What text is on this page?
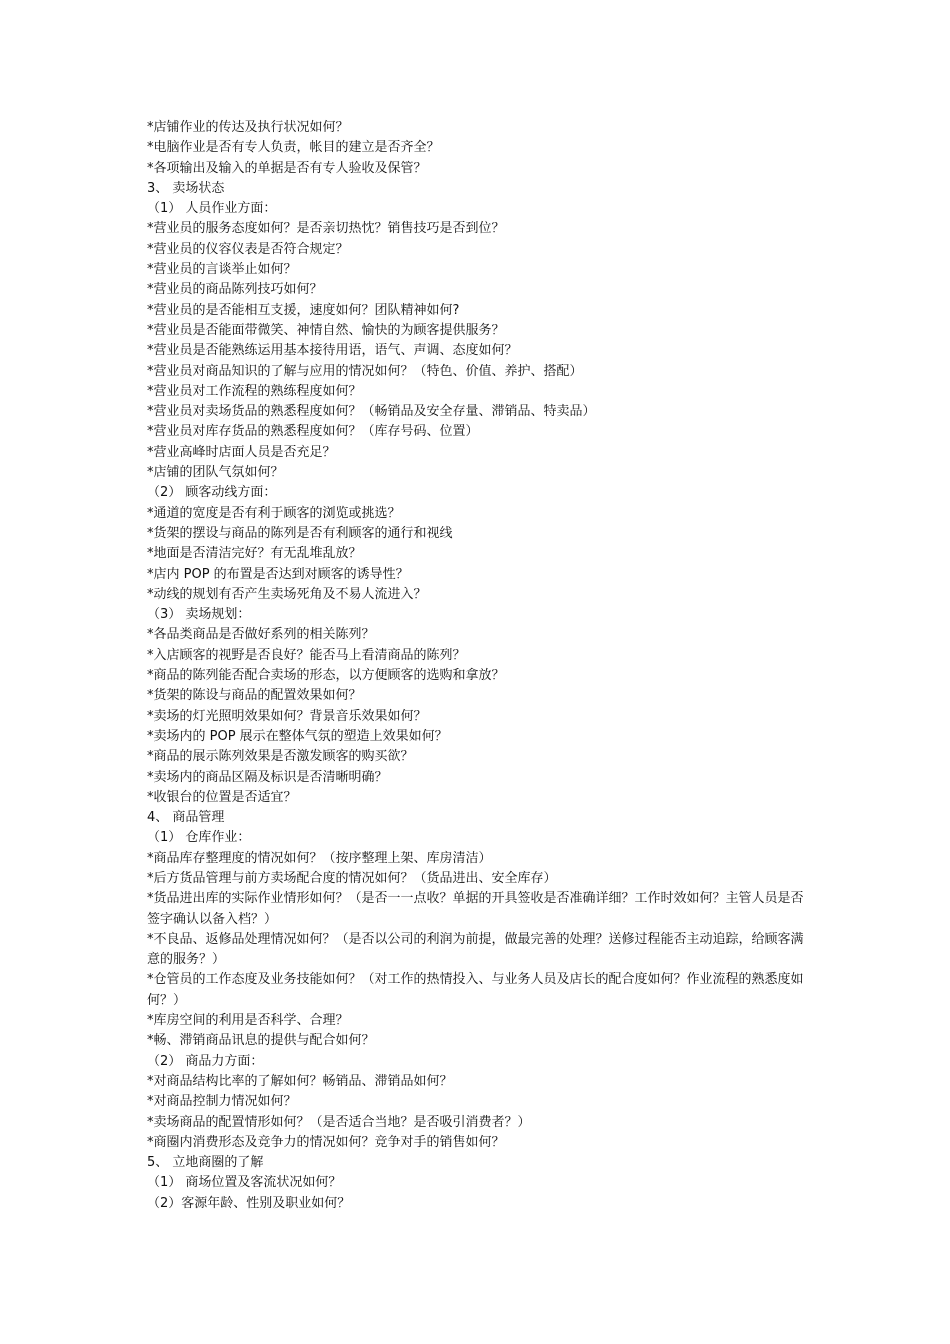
*店铺作业的传达及执行状况如何？

*电脑作业是否有专人负责，帐目的建立是否齐全？

*各项输出及输入的单据是否有专人验收及保管？

3、 卖场状态

（1） 人员作业方面：

*营业员的服务态度如何？是否亲切热忱？销售技巧是否到位？

*营业员的仪容仪表是否符合规定？

*营业员的言谈举止如何？

*营业员的商品陈列技巧如何？

*营业员的是否能相互支援，速度如何？团队精神如何?

*营业员是否能面带微笑、神情自然、愉快的为顾客提供服务？

*营业员是否能熟练运用基本接待用语，语气、声调、态度如何？

*营业员对商品知识的了解与应用的情况如何？（特色、价值、养护、搭配）

*营业员对工作流程的熟练程度如何？

*营业员对卖场货品的熟悉程度如何？（畅销品及安全存量、滞销品、特卖品）

*营业员对库存货品的熟悉程度如何？（库存号码、位置）

*营业高峰时店面人员是否充足？

*店铺的团队气氛如何？

（2） 顾客动线方面：

*通道的宽度是否有利于顾客的浏览或挑选？

*货架的摆设与商品的陈列是否有利顾客的通行和视线

*地面是否清洁完好？有无乱堆乱放？

*店内 POP 的布置是否达到对顾客的诱导性？

*动线的规划有否产生卖场死角及不易人流进入？

（3） 卖场规划：

*各品类商品是否做好系列的相关陈列？

*入店顾客的视野是否良好？能否马上看清商品的陈列？

*商品的陈列能否配合卖场的形态，以方便顾客的选购和拿放？

*货架的陈设与商品的配置效果如何？

*卖场的灯光照明效果如何？背景音乐效果如何？

*卖场内的 POP 展示在整体气氛的塑造上效果如何？

*商品的展示陈列效果是否激发顾客的购买欲？

*卖场内的商品区隔及标识是否清晰明确？

*收银台的位置是否适宜？

4、 商品管理

（1） 仓库作业：

*商品库存整理度的情况如何？（按序整理上架、库房清洁）

*后方货品管理与前方卖场配合度的情况如何？（货品进出、安全库存）

*货品进出库的实际作业情形如何？（是否一一点收？单据的开具签收是否准确详细？工作时效如何？主管人员是否签字确认以备入档？）

*不良品、返修品处理情况如何？（是否以公司的利润为前提，做最完善的处理？送修过程能否主动追踪，给顾客满意的服务？）

*仓管员的工作态度及业务技能如何？（对工作的热情投入、与业务人员及店长的配合度如何？作业流程的熟悉度如何？）

*库房空间的利用是否科学、合理？

*畅、滞销商品讯息的提供与配合如何？

（2） 商品力方面：

*对商品结构比率的了解如何？畅销品、滞销品如何？

*对商品控制力情况如何？

*卖场商品的配置情形如何？（是否适合当地？是否吸引消费者？）

*商圈内消费形态及竞争力的情况如何？竞争对手的销售如何？

5、 立地商圈的了解

（1） 商场位置及客流状况如何？

（2）客源年龄、性别及职业如何？
